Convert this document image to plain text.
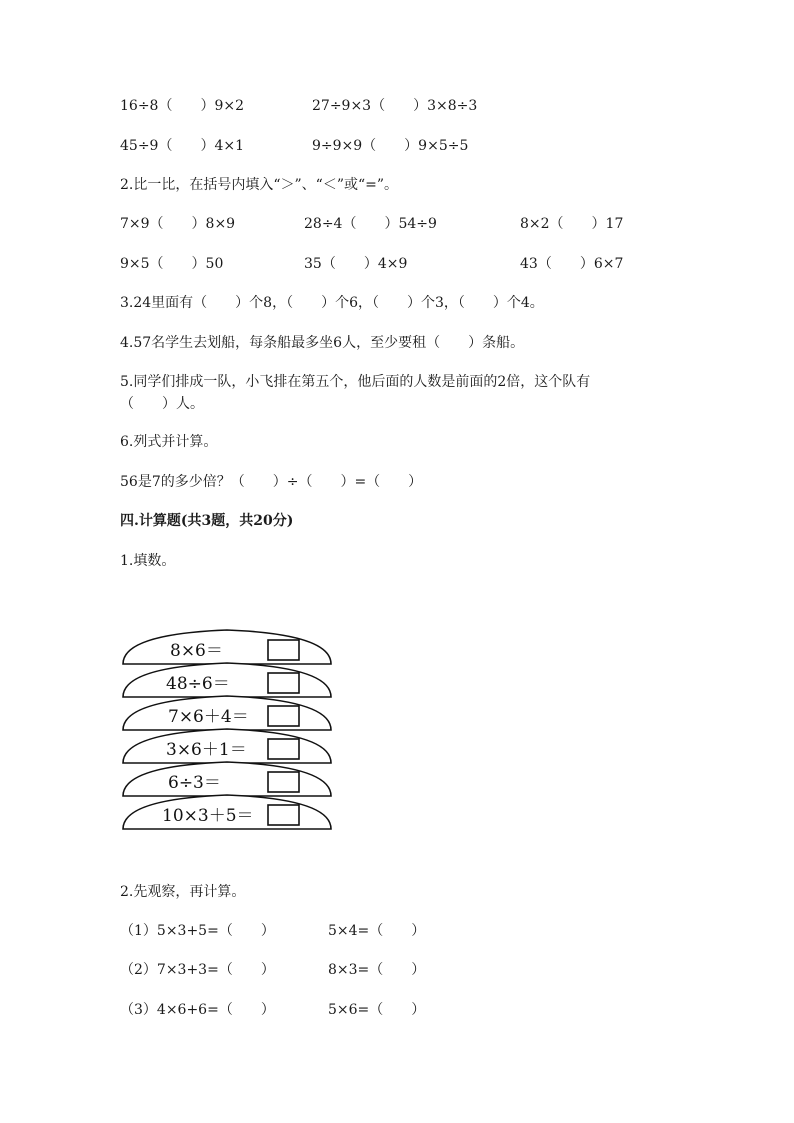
16÷8（　　）9×2	27÷9×3（　　）3×8÷3
45÷9（　　）4×1	9÷9×9（　　）9×5÷5
2.比一比，在括号内填入“＞”、“＜”或“=”。
7×9（　　）8×9	28÷4（　　）54÷9	8×2（　　）17
9×5（　　）50	35（　　）4×9	43（　　）6×7
3.24里面有（　　）个8，（　　）个6，（　　）个3，（　　）个4。
4.57名学生去划船，每条船最多坐6人，至少要租（　　）条船。
5.同学们排成一队，小飞排在第五个，他后面的人数是前面的2倍，这个队有
（　　）人。
6.列式并计算。
56是7的多少倍？（　　）÷（　　）=（　　）
四.计算题(共3题，共20分)
1.填数。
8×6＝
48÷6＝
7×6＋4＝
3×6＋1＝
6÷3＝
10×3＋5＝
2.先观察，再计算。
（1）5×3+5=（　　）	5×4=（　　）
（2）7×3+3=（　　）	8×3=（　　）
（3）4×6+6=（　　）	5×6=（　　）
